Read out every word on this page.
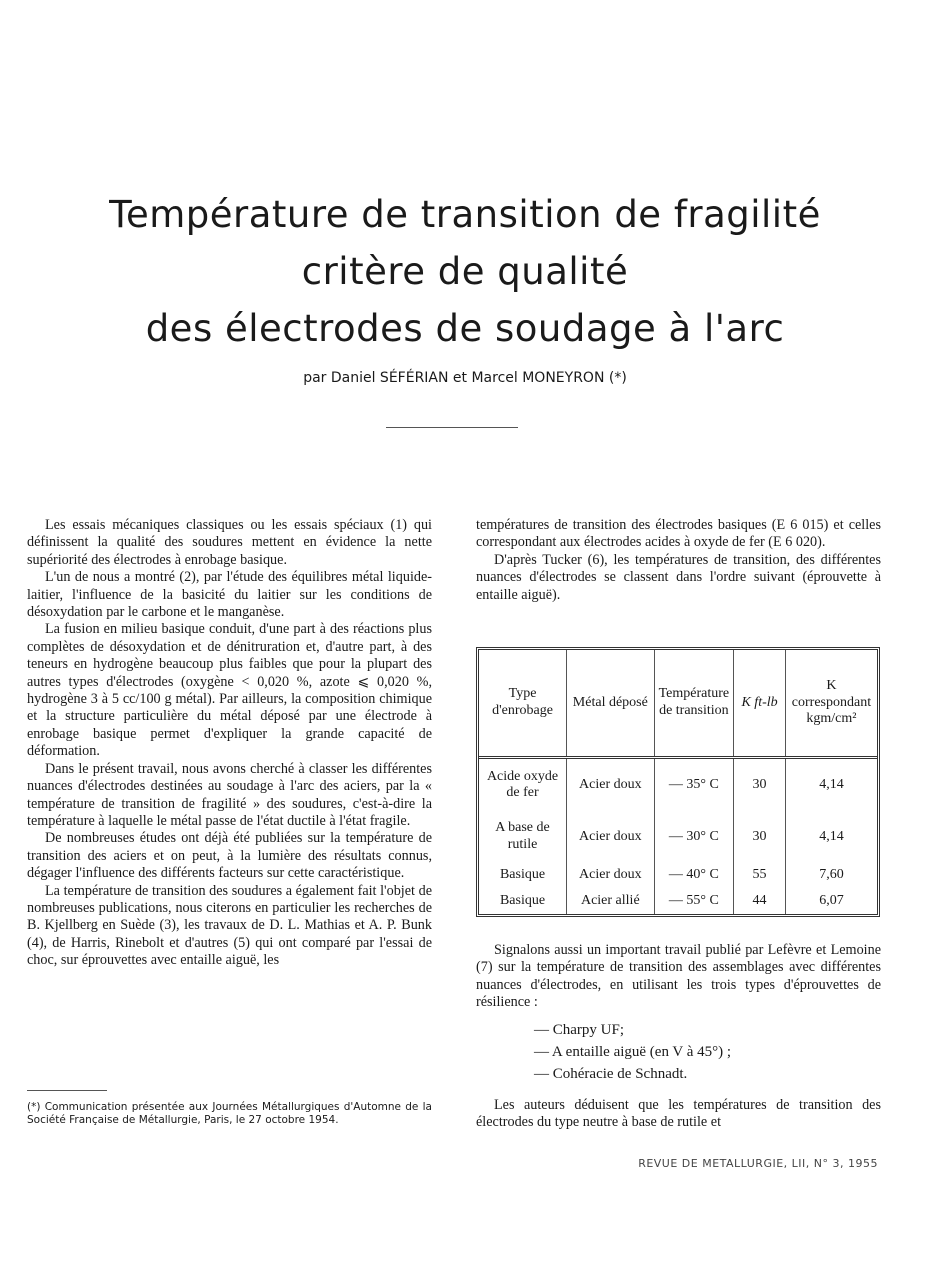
Température de transition de fragilité
critère de qualité
des électrodes de soudage à l'arc
par Daniel SÉFÉRIAN et Marcel MONEYRON (*)

Les essais mécaniques classiques ou les essais spéciaux (1) qui définissent la qualité des soudures mettent en évidence la nette supériorité des électrodes à enrobage basique.

L'un de nous a montré (2), par l'étude des équilibres métal liquide-laitier, l'influence de la basicité du laitier sur les conditions de désoxydation par le carbone et le manganèse.

La fusion en milieu basique conduit, d'une part à des réactions plus complètes de désoxydation et de dénitruration et, d'autre part, à des teneurs en hydrogène beaucoup plus faibles que pour la plupart des autres types d'électrodes (oxygène < 0,020 %, azote ⩽ 0,020 %, hydrogène 3 à 5 cc/100 g métal). Par ailleurs, la composition chimique et la structure particulière du métal déposé par une électrode à enrobage basique permet d'expliquer la grande capacité de déformation.

Dans le présent travail, nous avons cherché à classer les différentes nuances d'électrodes destinées au soudage à l'arc des aciers, par la « température de transition de fragilité » des soudures, c'est-à-dire la température à laquelle le métal passe de l'état ductile à l'état fragile.

De nombreuses études ont déjà été publiées sur la température de transition des aciers et on peut, à la lumière des résultats connus, dégager l'influence des différents facteurs sur cette caractéristique.

La température de transition des soudures a également fait l'objet de nombreuses publications, nous citerons en particulier les recherches de B. Kjellberg en Suède (3), les travaux de D. L. Mathias et A. P. Bunk (4), de Harris, Rinebolt et d'autres (5) qui ont comparé par l'essai de choc, sur éprouvettes avec entaille aiguë, les

températures de transition des électrodes basiques (E 6 015) et celles correspondant aux électrodes acides à oxyde de fer (E 6 020).

D'après Tucker (6), les températures de transition, des différentes nuances d'électrodes se classent dans l'ordre suivant (éprouvette à entaille aiguë).

Type d'enrobage	Métal déposé	Température de transition	K ft-lb	K correspondant kgm/cm²
Acide oxyde de fer	Acier doux	— 35° C	30	4,14
A base de rutile	Acier doux	— 30° C	30	4,14
Basique	Acier doux	— 40° C	55	7,60
Basique	Acier allié	— 55° C	44	6,07

Signalons aussi un important travail publié par Lefèvre et Lemoine (7) sur la température de transition des assemblages avec différentes nuances d'électrodes, en utilisant les trois types d'éprouvettes de résilience :

— Charpy UF;
— A entaille aiguë (en V à 45°) ;
— Cohéracie de Schnadt.

Les auteurs déduisent que les températures de transition des électrodes du type neutre à base de rutile et

(*) Communication présentée aux Journées Métallurgiques d'Automne de la Société Française de Métallurgie, Paris, le 27 octobre 1954.
REVUE DE METALLURGIE, LII, N° 3, 1955
